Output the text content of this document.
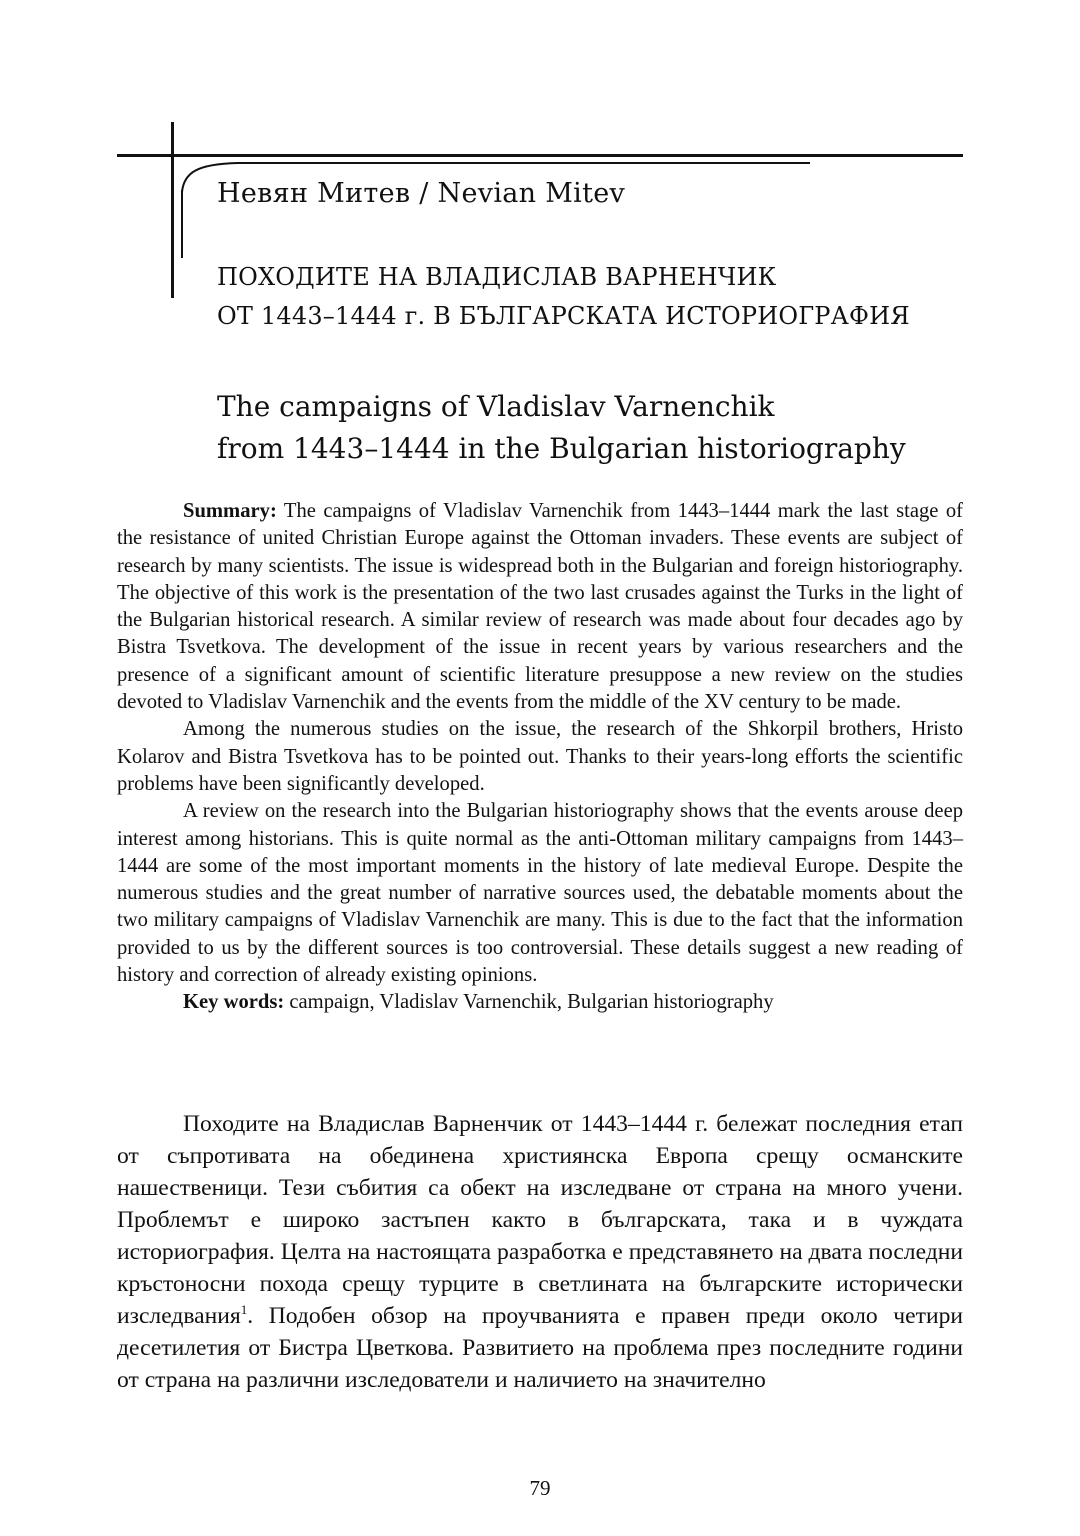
Невян Митев / Nevian Mitev
ПОХОДИТЕ НА ВЛАДИСЛАВ ВАРНЕНЧИК
ОТ 1443–1444 г. В БЪЛГАРСКАТА ИСТОРИОГРАФИЯ
The campaigns of Vladislav Varnenchik
from 1443–1444 in the Bulgarian historiography

Summary: The campaigns of Vladislav Varnenchik from 1443–1444 mark the last stage of the resistance of united Christian Europe against the Ottoman invaders. These events are subject of research by many scientists. The issue is widespread both in the Bulgarian and foreign historiography. The objective of this work is the presentation of the two last crusades against the Turks in the light of the Bulgarian historical research. A similar review of research was made about four decades ago by Bistra Tsvetkova. The development of the issue in recent years by various researchers and the presence of a significant amount of scientific literature presuppose a new review on the studies devoted to Vladislav Varnenchik and the events from the middle of the XV century to be made.

Among the numerous studies on the issue, the research of the Shkorpil brothers, Hristo Kolarov and Bistra Tsvetkova has to be pointed out. Thanks to their years-long efforts the scientific problems have been significantly developed.

A review on the research into the Bulgarian historiography shows that the events arouse deep interest among historians. This is quite normal as the anti-Ottoman military campaigns from 1443–1444 are some of the most important moments in the history of late medieval Europe. Despite the numerous studies and the great number of narrative sources used, the debatable moments about the two military campaigns of Vladislav Varnenchik are many. This is due to the fact that the information provided to us by the different sources is too controversial. These details suggest a new reading of history and correction of already existing opinions.

Key words: campaign, Vladislav Varnenchik, Bulgarian historiography

Походите на Владислав Варненчик от 1443–1444 г. бележат последния етап от съпротивата на обединена християнска Европа срещу османските нашественици. Тези събития са обект на изследване от страна на много учени. Проблемът е широко застъпен както в българската, така и в чуждата историография. Целта на настоящата разработка е представянето на двата последни кръстоносни похода срещу турците в светлината на българските исторически изследвания$^1$. Подобен обзор на проучванията е правен преди около четири десетилетия от Бистра Цветкова. Развитието на проблема през последните години от страна на различни изследователи и наличието на значително

79
